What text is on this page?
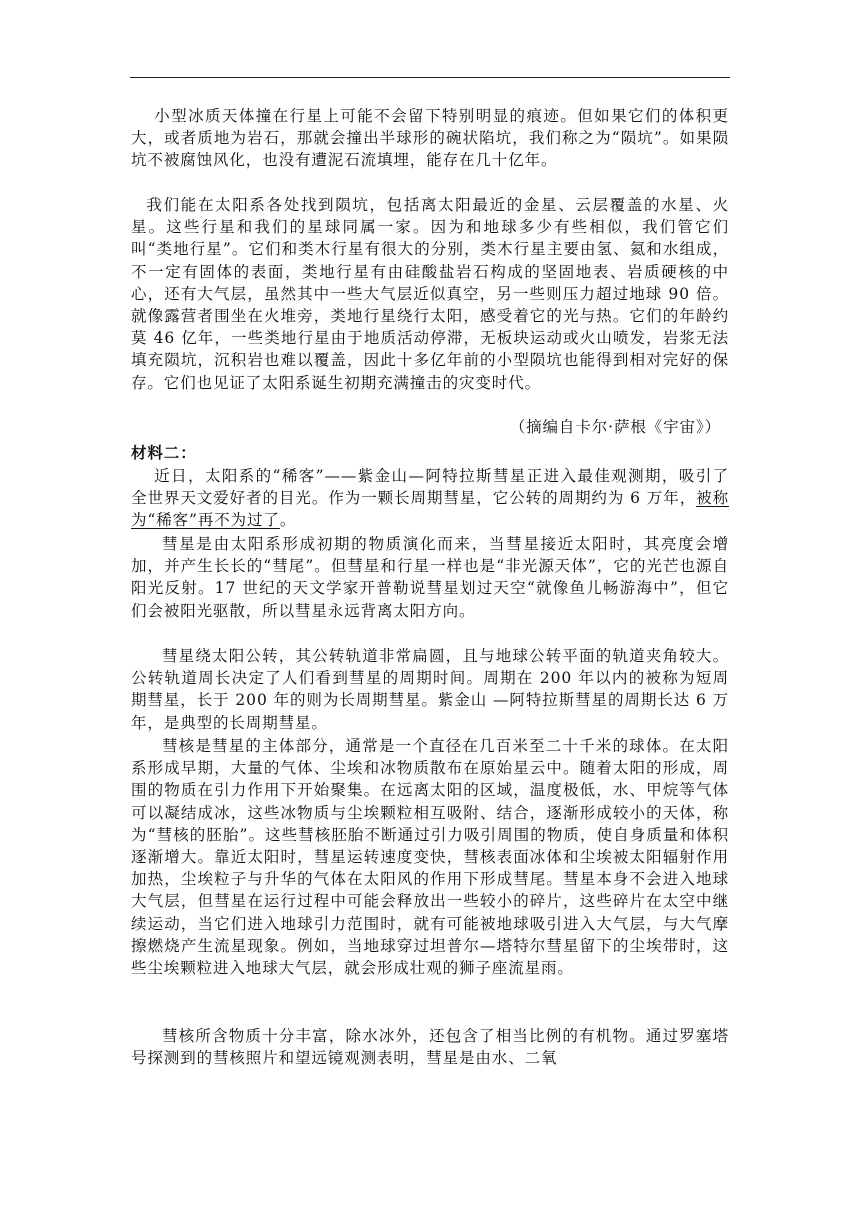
小型冰质天体撞在行星上可能不会留下特别明显的痕迹。但如果它们的体积更大，或者质地为岩石，那就会撞出半球形的碗状陷坑，我们称之为“陨坑”。如果陨坑不被腐蚀风化，也没有遭泥石流填埋，能存在几十亿年。

我们能在太阳系各处找到陨坑，包括离太阳最近的金星、云层覆盖的水星、火星。这些行星和我们的星球同属一家。因为和地球多少有些相似，我们管它们叫“类地行星”。它们和类木行星有很大的分别，类木行星主要由氢、氦和水组成，不一定有固体的表面，类地行星有由硅酸盐岩石构成的坚固地表、岩质硬核的中心，还有大气层，虽然其中一些大气层近似真空，另一些则压力超过地球 90 倍。就像露营者围坐在火堆旁，类地行星绕行太阳，感受着它的光与热。它们的年龄约莫 46 亿年，一些类地行星由于地质活动停滞，无板块运动或火山喷发，岩浆无法填充陨坑，沉积岩也难以覆盖，因此十多亿年前的小型陨坑也能得到相对完好的保存。它们也见证了太阳系诞生初期充满撞击的灾变时代。

（摘编自卡尔·萨根《宇宙》）

材料二：

近日，太阳系的“稀客”——紫金山—阿特拉斯彗星正进入最佳观测期，吸引了全世界天文爱好者的目光。作为一颗长周期彗星，它公转的周期约为 6 万年，被称为“稀客”再不为过了。

彗星是由太阳系形成初期的物质演化而来，当彗星接近太阳时，其亮度会增加，并产生长长的“彗尾”。但彗星和行星一样也是“非光源天体”，它的光芒也源自阳光反射。17 世纪的天文学家开普勒说彗星划过天空“就像鱼儿畅游海中”，但它们会被阳光驱散，所以彗星永远背离太阳方向。

彗星绕太阳公转，其公转轨道非常扁圆，且与地球公转平面的轨道夹角较大。公转轨道周长决定了人们看到彗星的周期时间。周期在 200 年以内的被称为短周期彗星，长于 200 年的则为长周期彗星。紫金山 —阿特拉斯彗星的周期长达 6 万年，是典型的长周期彗星。

彗核是彗星的主体部分，通常是一个直径在几百米至二十千米的球体。在太阳系形成早期，大量的气体、尘埃和冰物质散布在原始星云中。随着太阳的形成，周围的物质在引力作用下开始聚集。在远离太阳的区域，温度极低，水、甲烷等气体可以凝结成冰，这些冰物质与尘埃颗粒相互吸附、结合，逐渐形成较小的天体，称为“彗核的胚胎”。这些彗核胚胎不断通过引力吸引周围的物质，使自身质量和体积逐渐增大。靠近太阳时，彗星运转速度变快，彗核表面冰体和尘埃被太阳辐射作用加热，尘埃粒子与升华的气体在太阳风的作用下形成彗尾。彗星本身不会进入地球大气层，但彗星在运行过程中可能会释放出一些较小的碎片，这些碎片在太空中继续运动，当它们进入地球引力范围时，就有可能被地球吸引进入大气层，与大气摩擦燃烧产生流星现象。例如，当地球穿过坦普尔—塔特尔彗星留下的尘埃带时，这些尘埃颗粒进入地球大气层，就会形成壮观的狮子座流星雨。

彗核所含物质十分丰富，除水冰外，还包含了相当比例的有机物。通过罗塞塔号探测到的彗核照片和望远镜观测表明，彗星是由水、二氧
